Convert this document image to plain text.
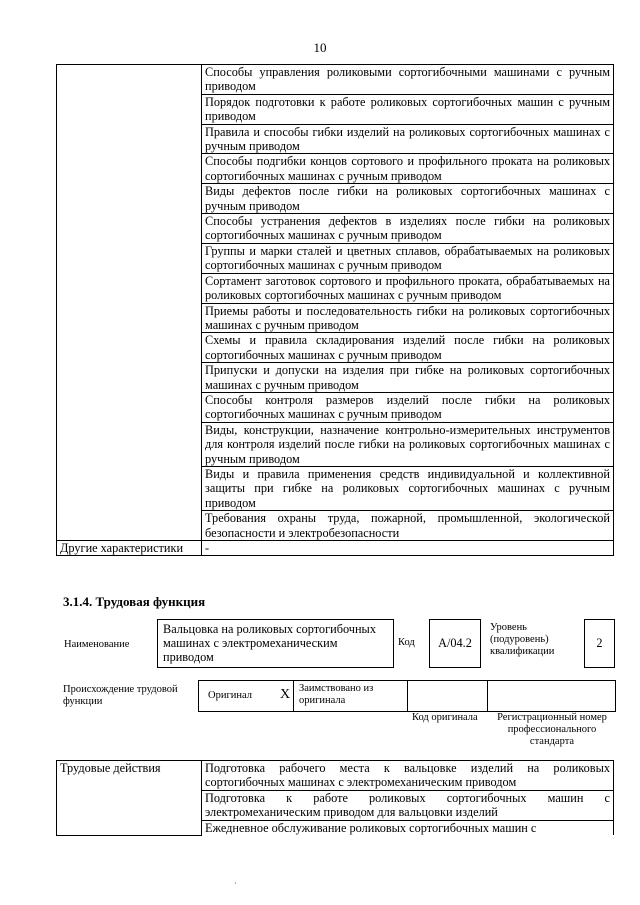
10
	Способы управления роликовыми сортогибочными машинами с ручным приводом
	Порядок подготовки к работе роликовых сортогибочных машин с ручным приводом
	Правила и способы гибки изделий на роликовых сортогибочных машинах с ручным приводом
	Способы подгибки концов сортового и профильного проката на роликовых сортогибочных машинах с ручным приводом
	Виды дефектов после гибки на роликовых сортогибочных машинах с ручным приводом
	Способы устранения дефектов в изделиях после гибки на роликовых сортогибочных машинах с ручным приводом
	Группы и марки сталей и цветных сплавов, обрабатываемых на роликовых сортогибочных машинах с ручным приводом
	Сортамент заготовок сортового и профильного проката, обрабатываемых на роликовых сортогибочных машинах с ручным приводом
	Приемы работы и последовательность гибки на роликовых сортогибочных машинах с ручным приводом
	Схемы и правила складирования изделий после гибки на роликовых сортогибочных машинах с ручным приводом
	Припуски и допуски на изделия при гибке на роликовых сортогибочных машинах с ручным приводом
	Способы контроля размеров изделий после гибки на роликовых сортогибочных машинах с ручным приводом
	Виды, конструкции, назначение контрольно-измерительных инструментов для контроля изделий после гибки на роликовых сортогибочных машинах с ручным приводом
	Виды и правила применения средств индивидуальной и коллективной защиты при гибке на роликовых сортогибочных машинах с ручным приводом
	Требования охраны труда, пожарной, промышленной, экологической безопасности и электробезопасности
Другие характеристики	-
3.1.4. Трудовая функция
Наименование
Вальцовка на роликовых сортогибочных машинах с электромеханическим приводом
Код	A/04.2
Уровень (подуровень) квалификации
2
Происхождение трудовой функции
Оригинал X Заимствовано из оригинала
Код оригинала	Регистрационный номер профессионального стандарта
Трудовые действия	Подготовка рабочего места к вальцовке изделий на роликовых сортогибочных машинах с электромеханическим приводом
Подготовка к работе роликовых сортогибочных машин с электромеханическим приводом для вальцовки изделий
Ежедневное обслуживание роликовых сортогибочных машин с
‚
